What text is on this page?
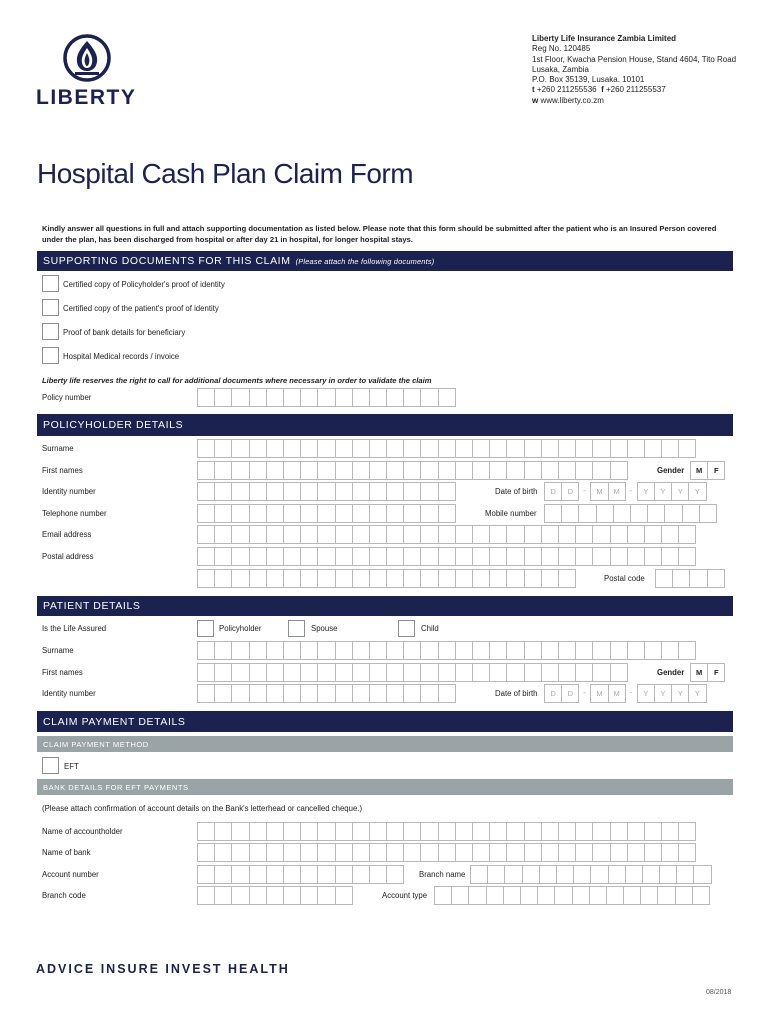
LIBERTY
Liberty Life Insurance Zambia Limited
Reg No. 120485
1st Floor, Kwacha Pension House, Stand 4604, Tito Road
Lusaka, Zambia
P.O. Box 35139, Lusaka. 10101
t +260 211255536 f +260 211255537
w www.liberty.co.zm
Hospital Cash Plan Claim Form
Kindly answer all questions in full and attach supporting documentation as listed below. Please note that this form should be submitted after the patient who is an Insured Person covered under the plan, has been discharged from hospital or after day 21 in hospital, for longer hospital stays.
SUPPORTING DOCUMENTS FOR THIS CLAIM (Please attach the following documents)
Certified copy of Policyholder's proof of identity
Certified copy of the patient's proof of identity
Proof of bank details for beneficiary
Hospital Medical records / invoice
Liberty life reserves the right to call for additional documents where necessary in order to validate the claim
Policy number
POLICYHOLDER DETAILS
Surname
First names	Gender	M	F
Identity number	Date of birth	D	D	-	M	M	-	Y	Y	Y	Y
Telephone number	Mobile number
Email address
Postal address
Postal code
PATIENT DETAILS
Is the Life Assured	Policyholder	Spouse	Child
Surname
First names	Gender	M	F
Identity number	Date of birth	D	D	-	M	M	-	Y	Y	Y	Y
CLAIM PAYMENT DETAILS
CLAIM PAYMENT METHOD
EFT
BANK DETAILS FOR EFT PAYMENTS
(Please attach confirmation of account details on the Bank's letterhead or cancelled cheque.)
Name of accountholder
Name of bank
Account number	Branch name
Branch code	Account type
ADVICE INSURE INVEST HEALTH
08/2018
